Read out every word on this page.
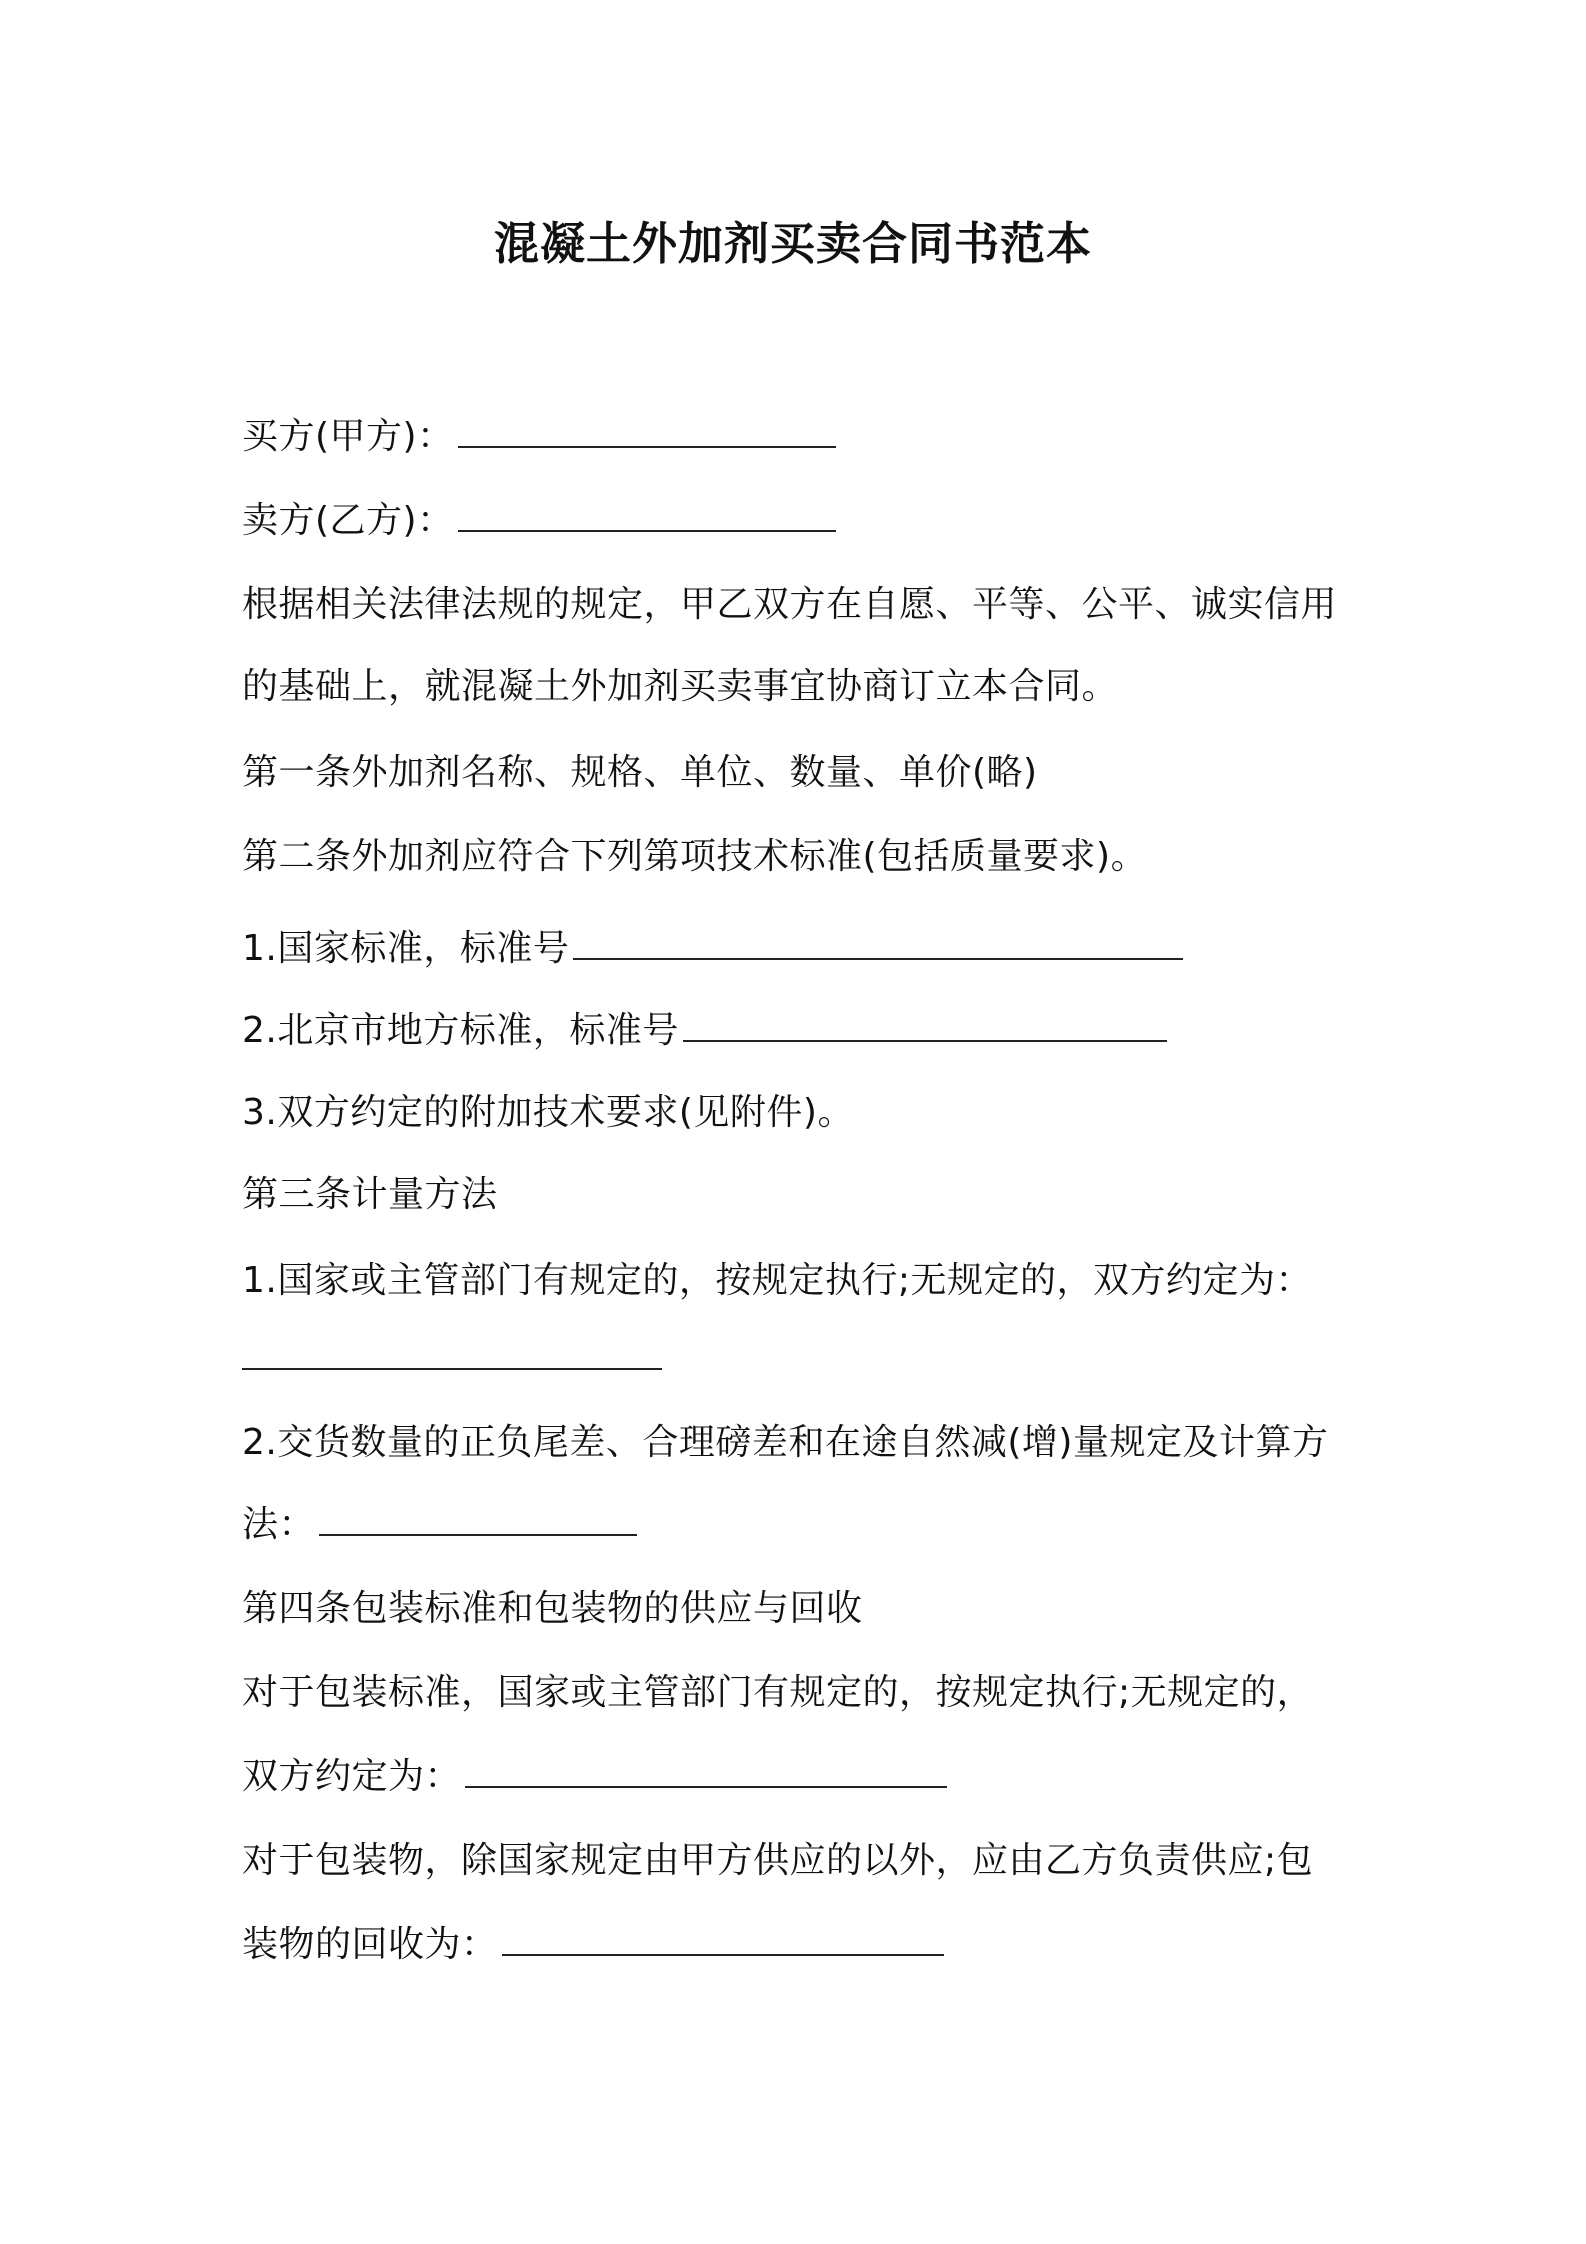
混凝土外加剂买卖合同书范本
买方(甲方)：
卖方(乙方)：
根据相关法律法规的规定，甲乙双方在自愿、平等、公平、诚实信用
的基础上，就混凝土外加剂买卖事宜协商订立本合同。
第一条外加剂名称、规格、单位、数量、单价(略)
第二条外加剂应符合下列第项技术标准(包括质量要求)。
1.国家标准，标准号
2.北京市地方标准，标准号
3.双方约定的附加技术要求(见附件)。
第三条计量方法
1.国家或主管部门有规定的，按规定执行;无规定的，双方约定为：
2.交货数量的正负尾差、合理磅差和在途自然减(增)量规定及计算方
法：
第四条包装标准和包装物的供应与回收
对于包装标准，国家或主管部门有规定的，按规定执行;无规定的，
双方约定为：
对于包装物，除国家规定由甲方供应的以外，应由乙方负责供应;包
装物的回收为：
